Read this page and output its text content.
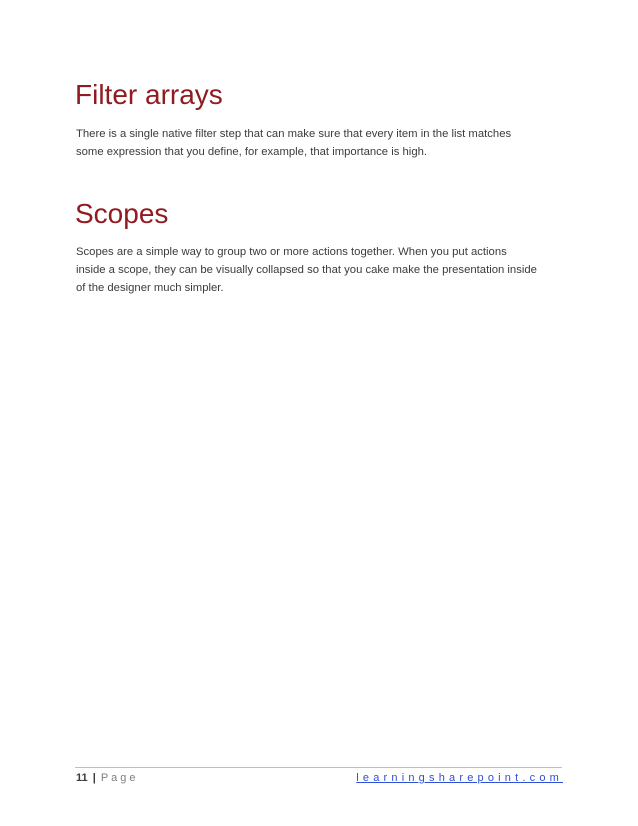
Filter arrays

There is a single native filter step that can make sure that every item in the list matches
some expression that you define, for example, that importance is high.

Scopes

Scopes are a simple way to group two or more actions together. When you put actions
inside a scope, they can be visually collapsed so that you cake make the presentation inside
of the designer much simpler.

11 | Page	learningsharepoint.com
